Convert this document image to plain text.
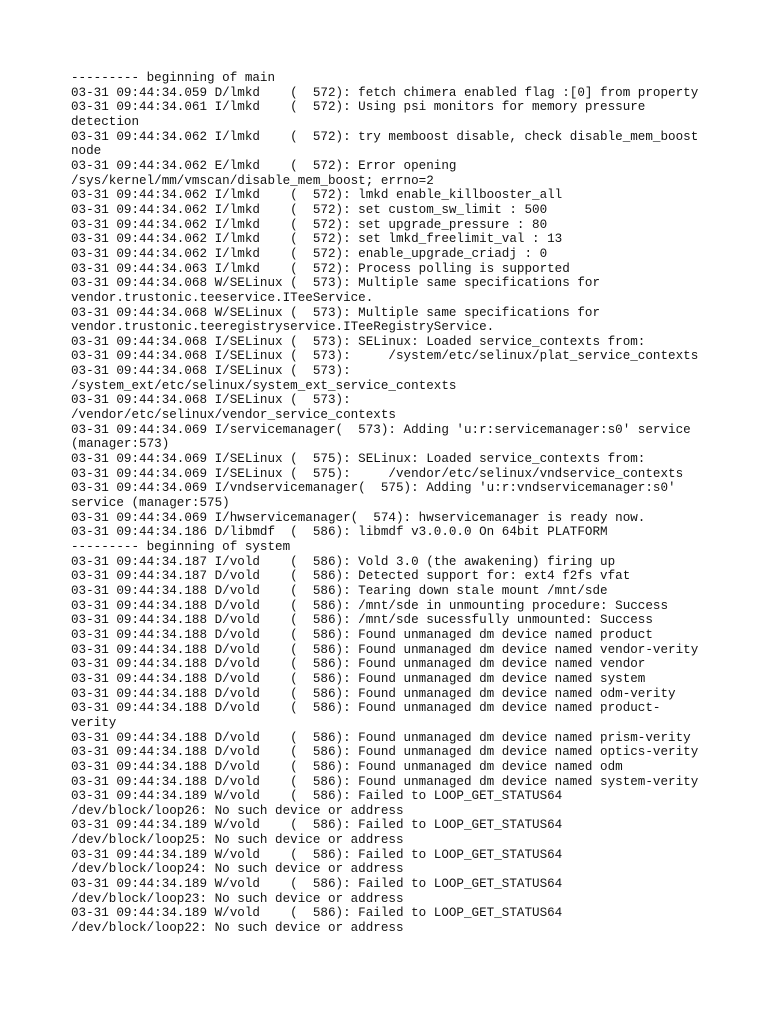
--------- beginning of main
03-31 09:44:34.059 D/lmkd    (  572): fetch chimera enabled flag :[0] from property
03-31 09:44:34.061 I/lmkd    (  572): Using psi monitors for memory pressure
detection
03-31 09:44:34.062 I/lmkd    (  572): try memboost disable, check disable_mem_boost
node
03-31 09:44:34.062 E/lmkd    (  572): Error opening
/sys/kernel/mm/vmscan/disable_mem_boost; errno=2
03-31 09:44:34.062 I/lmkd    (  572): lmkd enable_killbooster_all
03-31 09:44:34.062 I/lmkd    (  572): set custom_sw_limit : 500
03-31 09:44:34.062 I/lmkd    (  572): set upgrade_pressure : 80
03-31 09:44:34.062 I/lmkd    (  572): set lmkd_freelimit_val : 13
03-31 09:44:34.062 I/lmkd    (  572): enable_upgrade_criadj : 0
03-31 09:44:34.063 I/lmkd    (  572): Process polling is supported
03-31 09:44:34.068 W/SELinux (  573): Multiple same specifications for
vendor.trustonic.teeservice.ITeeService.
03-31 09:44:34.068 W/SELinux (  573): Multiple same specifications for
vendor.trustonic.teeregistryservice.ITeeRegistryService.
03-31 09:44:34.068 I/SELinux (  573): SELinux: Loaded service_contexts from:
03-31 09:44:34.068 I/SELinux (  573):     /system/etc/selinux/plat_service_contexts
03-31 09:44:34.068 I/SELinux (  573):
/system_ext/etc/selinux/system_ext_service_contexts
03-31 09:44:34.068 I/SELinux (  573):
/vendor/etc/selinux/vendor_service_contexts
03-31 09:44:34.069 I/servicemanager(  573): Adding 'u:r:servicemanager:s0' service
(manager:573)
03-31 09:44:34.069 I/SELinux (  575): SELinux: Loaded service_contexts from:
03-31 09:44:34.069 I/SELinux (  575):     /vendor/etc/selinux/vndservice_contexts
03-31 09:44:34.069 I/vndservicemanager(  575): Adding 'u:r:vndservicemanager:s0'
service (manager:575)
03-31 09:44:34.069 I/hwservicemanager(  574): hwservicemanager is ready now.
03-31 09:44:34.186 D/libmdf  (  586): libmdf v3.0.0.0 On 64bit PLATFORM
--------- beginning of system
03-31 09:44:34.187 I/vold    (  586): Vold 3.0 (the awakening) firing up
03-31 09:44:34.187 D/vold    (  586): Detected support for: ext4 f2fs vfat
03-31 09:44:34.188 D/vold    (  586): Tearing down stale mount /mnt/sde
03-31 09:44:34.188 D/vold    (  586): /mnt/sde in unmounting procedure: Success
03-31 09:44:34.188 D/vold    (  586): /mnt/sde sucessfully unmounted: Success
03-31 09:44:34.188 D/vold    (  586): Found unmanaged dm device named product
03-31 09:44:34.188 D/vold    (  586): Found unmanaged dm device named vendor-verity
03-31 09:44:34.188 D/vold    (  586): Found unmanaged dm device named vendor
03-31 09:44:34.188 D/vold    (  586): Found unmanaged dm device named system
03-31 09:44:34.188 D/vold    (  586): Found unmanaged dm device named odm-verity
03-31 09:44:34.188 D/vold    (  586): Found unmanaged dm device named product-
verity
03-31 09:44:34.188 D/vold    (  586): Found unmanaged dm device named prism-verity
03-31 09:44:34.188 D/vold    (  586): Found unmanaged dm device named optics-verity
03-31 09:44:34.188 D/vold    (  586): Found unmanaged dm device named odm
03-31 09:44:34.188 D/vold    (  586): Found unmanaged dm device named system-verity
03-31 09:44:34.189 W/vold    (  586): Failed to LOOP_GET_STATUS64
/dev/block/loop26: No such device or address
03-31 09:44:34.189 W/vold    (  586): Failed to LOOP_GET_STATUS64
/dev/block/loop25: No such device or address
03-31 09:44:34.189 W/vold    (  586): Failed to LOOP_GET_STATUS64
/dev/block/loop24: No such device or address
03-31 09:44:34.189 W/vold    (  586): Failed to LOOP_GET_STATUS64
/dev/block/loop23: No such device or address
03-31 09:44:34.189 W/vold    (  586): Failed to LOOP_GET_STATUS64
/dev/block/loop22: No such device or address
